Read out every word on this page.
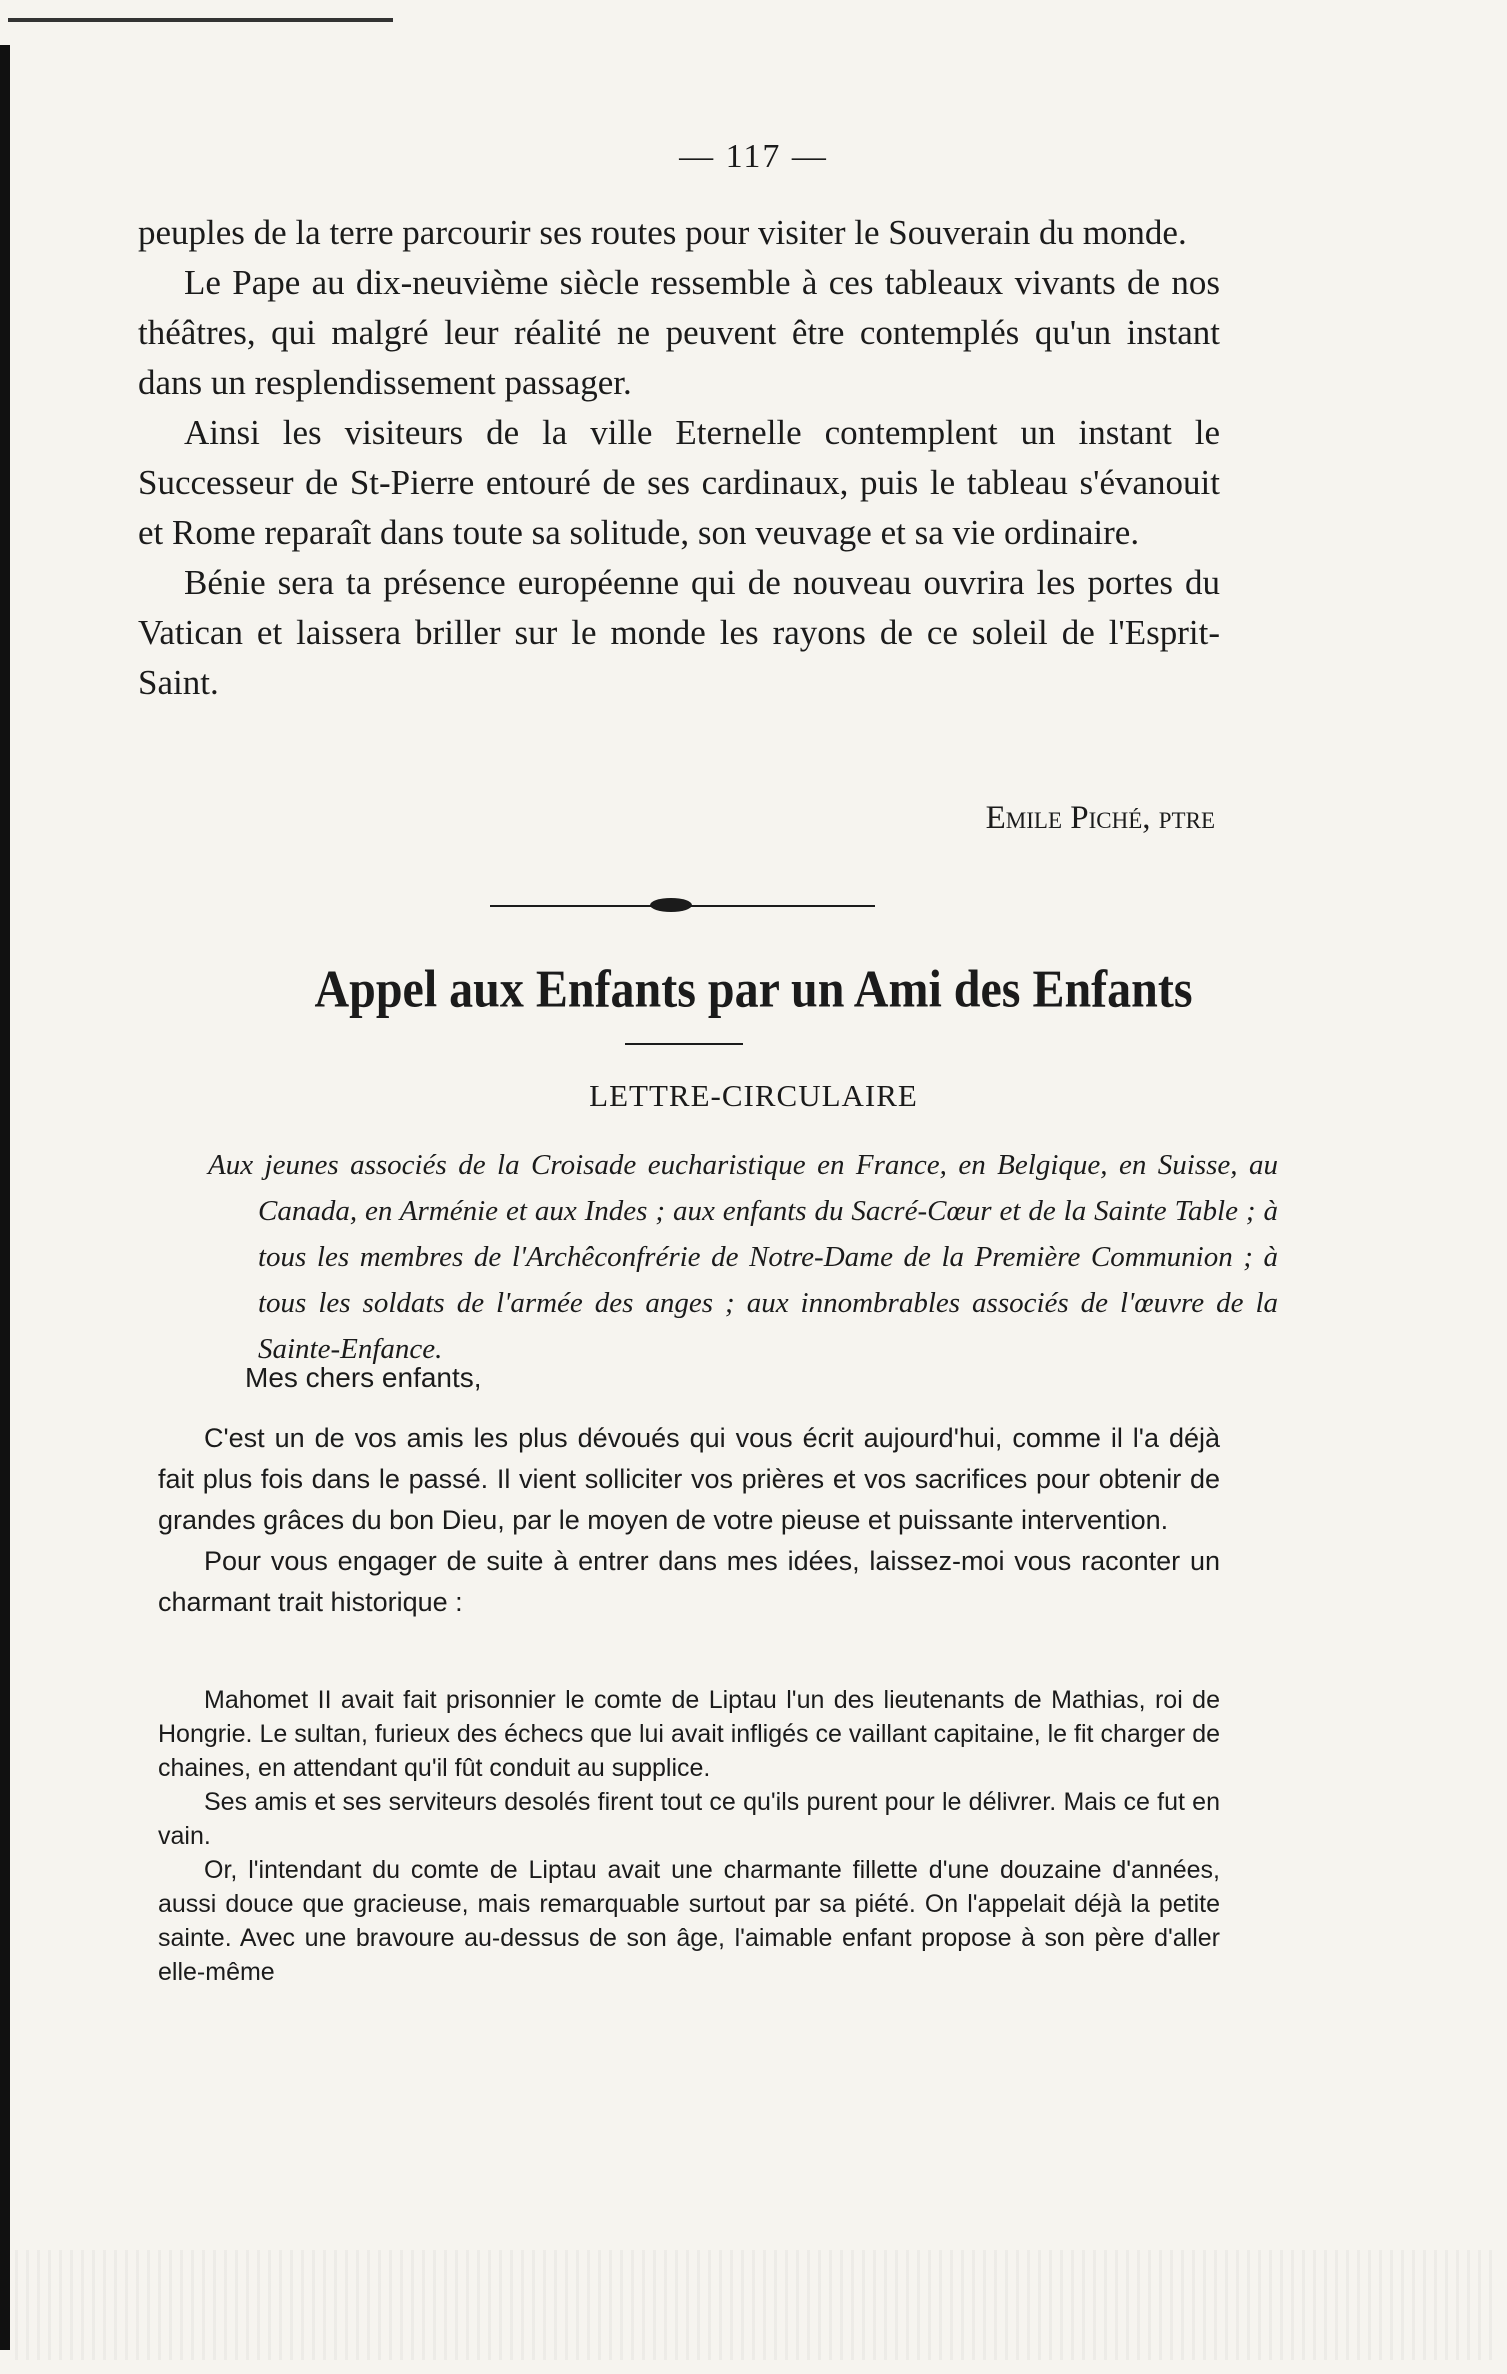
— 117 —

peuples de la terre parcourir ses routes pour visiter le Souverain du monde.

Le Pape au dix-neuvième siècle ressemble à ces tableaux vivants de nos théâtres, qui malgré leur réalité ne peuvent être contemplés qu'un instant dans un resplendissement passager.

Ainsi les visiteurs de la ville Eternelle contemplent un instant le Successeur de St-Pierre entouré de ses cardinaux, puis le tableau s'évanouit et Rome reparaît dans toute sa solitude, son veuvage et sa vie ordinaire.

Bénie sera ta présence européenne qui de nouveau ouvrira les portes du Vatican et laissera briller sur le monde les rayons de ce soleil de l'Esprit-Saint.

Emile Piché, ptre
Appel aux Enfants par un Ami des Enfants
LETTRE-CIRCULAIRE
Aux jeunes associés de la Croisade eucharistique en France, en Belgique, en Suisse, au Canada, en Arménie et aux Indes ; aux enfants du Sacré-Cœur et de la Sainte Table ; à tous les membres de l'Archêconfrérie de Notre-Dame de la Première Communion ; à tous les soldats de l'armée des anges ; aux innombrables associés de l'œuvre de la Sainte-Enfance.
Mes chers enfants,

C'est un de vos amis les plus dévoués qui vous écrit aujourd'hui, comme il l'a déjà fait plus fois dans le passé. Il vient solliciter vos prières et vos sacrifices pour obtenir de grandes grâces du bon Dieu, par le moyen de votre pieuse et puissante intervention.

Pour vous engager de suite à entrer dans mes idées, laissez-moi vous raconter un charmant trait historique :

Mahomet II avait fait prisonnier le comte de Liptau l'un des lieutenants de Mathias, roi de Hongrie. Le sultan, furieux des échecs que lui avait infligés ce vaillant capitaine, le fit charger de chaines, en attendant qu'il fût conduit au supplice.

Ses amis et ses serviteurs desolés firent tout ce qu'ils purent pour le délivrer. Mais ce fut en vain.

Or, l'intendant du comte de Liptau avait une charmante fillette d'une douzaine d'années, aussi douce que gracieuse, mais remarquable surtout par sa piété. On l'appelait déjà la petite sainte. Avec une bravoure au-dessus de son âge, l'aimable enfant propose à son père d'aller elle-même
